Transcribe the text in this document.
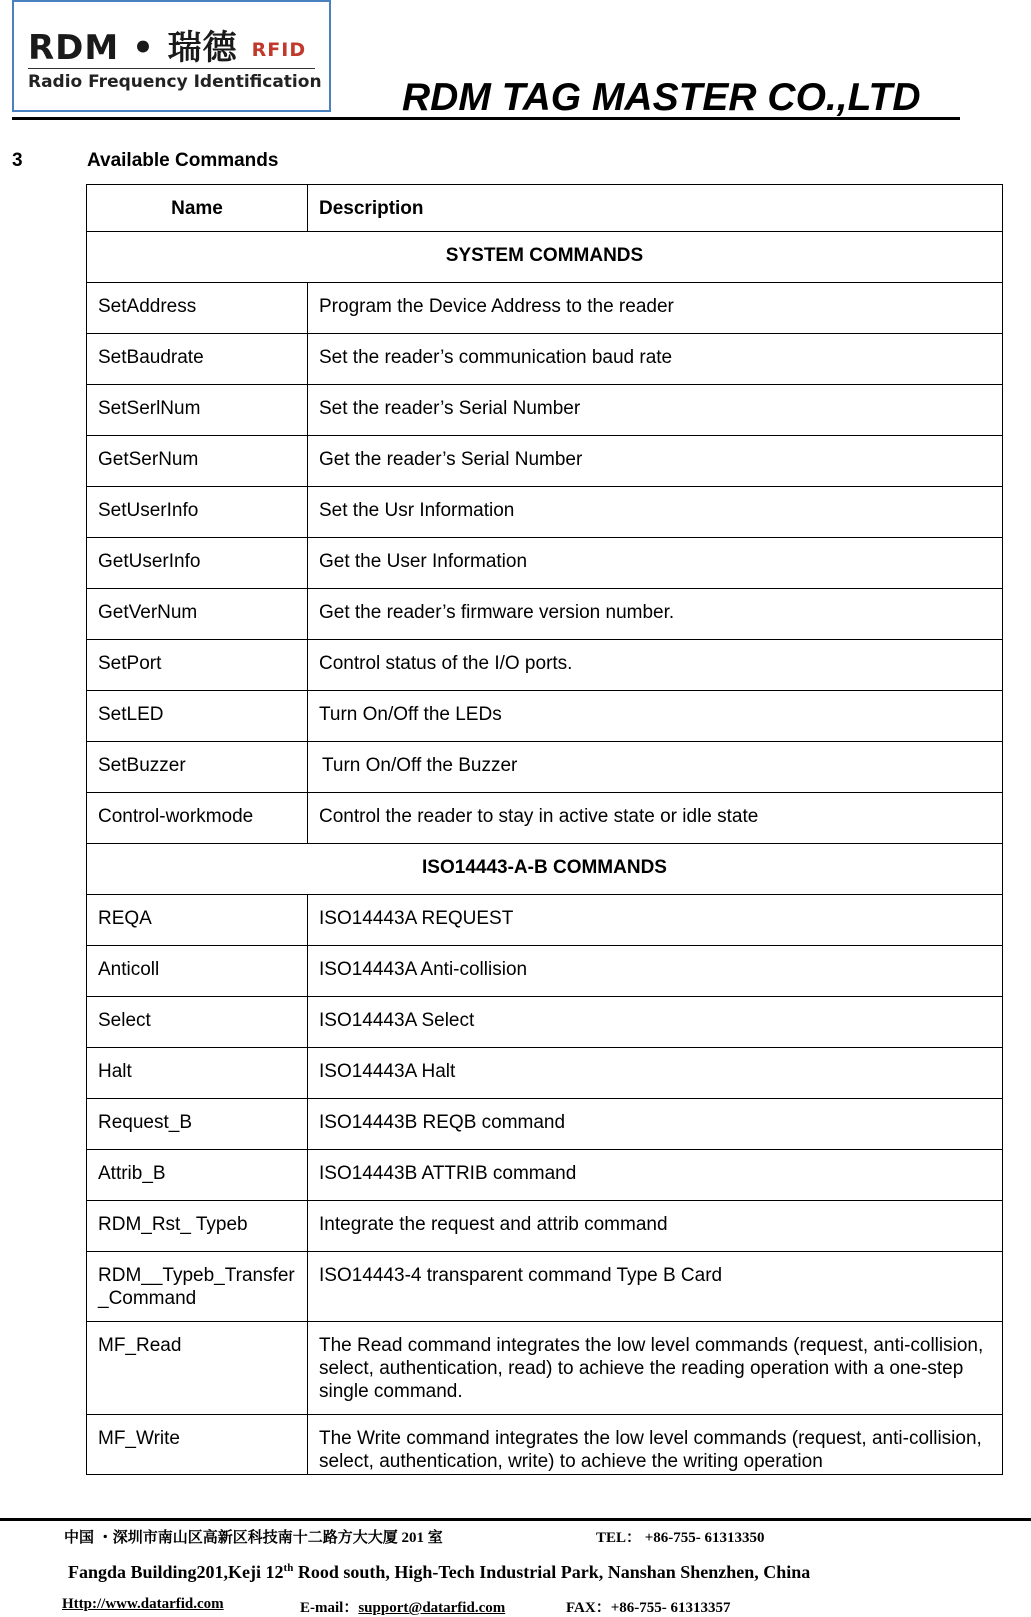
RDM • 瑞德 RFID
Radio Frequency Identification RDM TAG MASTER CO.,LTD
3	Available Commands
Name	Description
SYSTEM COMMANDS	
SetAddress	Program the Device Address to the reader
SetBaudrate	Set the reader’s communication baud rate
SetSerlNum	Set the reader’s Serial Number
GetSerNum	Get the reader’s Serial Number
SetUserInfo	Set the Usr Information
GetUserInfo	Get the User Information
GetVerNum	Get the reader’s firmware version number.
SetPort	Control status of the I/O ports.
SetLED	Turn On/Off the LEDs
SetBuzzer	Turn On/Off the Buzzer
Control-workmode	Control the reader to stay in active state or idle state
ISO14443-A-B COMMANDS	
REQA	ISO14443A REQUEST
Anticoll	ISO14443A Anti-collision
Select	ISO14443A Select
Halt	ISO14443A Halt
Request_B	ISO14443B REQB command
Attrib_B	ISO14443B ATTRIB command
RDM_Rst_ Typeb	Integrate the request and attrib command
RDM__Typeb_Transfer_Command	ISO14443-4 transparent command Type B Card
MF_Read	The Read command integrates the low level commands (request, anti-collision, select, authentication, read) to achieve the reading operation with a one-step single command.
MF_Write	The Write command integrates the low level commands (request, anti-collision, select, authentication, write) to achieve the writing operation
中国 ・深圳市南山区高新区科技南十二路方大大厦 201 室	TEL： +86-755- 61313350
Fangda Building201,Keji 12th Rood south, High-Tech Industrial Park, Nanshan Shenzhen, China
Http://www.datarfid.com	E-mail：support@datarfid.com	FAX：+86-755- 61313357
